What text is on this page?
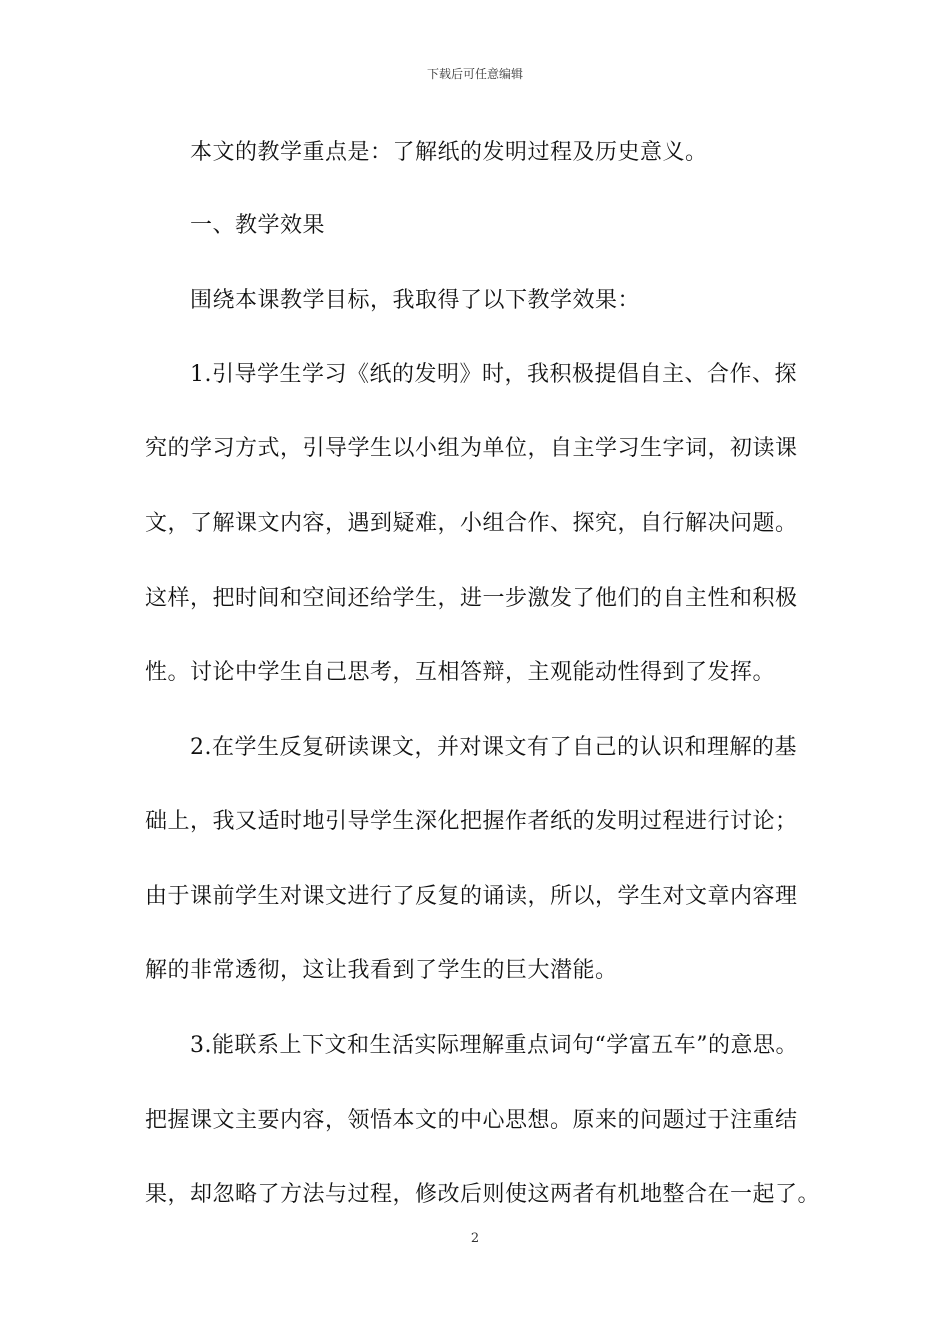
下载后可任意编辑
本文的教学重点是：了解纸的发明过程及历史意义。
一、教学效果
围绕本课教学目标，我取得了以下教学效果：
1.引导学生学习《纸的发明》时，我积极提倡自主、合作、探
究的学习方式，引导学生以小组为单位，自主学习生字词，初读课
文，了解课文内容，遇到疑难，小组合作、探究，自行解决问题。
这样，把时间和空间还给学生，进一步激发了他们的自主性和积极
性。讨论中学生自己思考，互相答辩，主观能动性得到了发挥。
2.在学生反复研读课文，并对课文有了自己的认识和理解的基
础上，我又适时地引导学生深化把握作者纸的发明过程进行讨论；
由于课前学生对课文进行了反复的诵读，所以，学生对文章内容理
解的非常透彻，这让我看到了学生的巨大潜能。
3.能联系上下文和生活实际理解重点词句“学富五车”的意思。
把握课文主要内容，领悟本文的中心思想。原来的问题过于注重结
果，却忽略了方法与过程，修改后则使这两者有机地整合在一起了。
2
